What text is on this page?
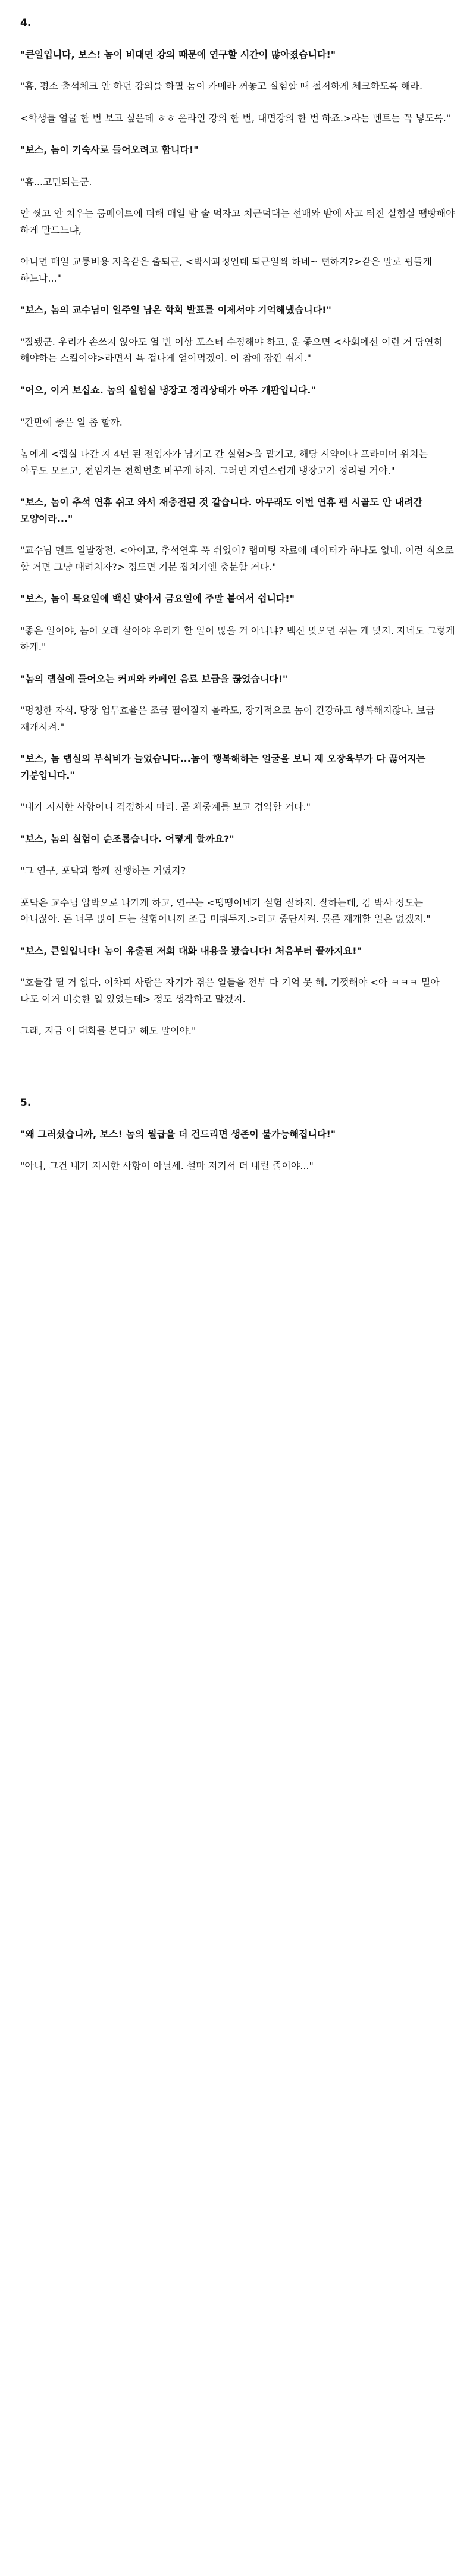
4.

"큰일입니다, 보스! 놈이 비대면 강의 때문에 연구할 시간이 많아졌습니다!"

"흠, 평소 출석체크 안 하던 강의를 하필 놈이 카메라 꺼놓고 실험할 때 철저하게 체크하도록 해라.

<학생들 얼굴 한 번 보고 싶은데 ㅎㅎ 온라인 강의 한 번, 대면강의 한 번 하죠.>라는 멘트는 꼭 넣도록."

"보스, 놈이 기숙사로 들어오려고 합니다!"

"흠...고민되는군.

안 씻고 안 치우는 룸메이트에 더해 매일 밤 술 먹자고 치근덕대는 선배와 밤에 사고 터진 실험실 땜빵해야 하게 만드느냐,

아니면 매일 교통비용 지옥같은 출퇴근, <박사과정인데 퇴근일찍 하네~ 편하지?>같은 말로 핍들게 하느냐..."

"보스, 놈의 교수님이 일주일 남은 학회 발표를 이제서야 기억해냈습니다!"

"잘됐군. 우리가 손쓰지 않아도 열 번 이상 포스터 수정해야 하고, 운 좋으면 <사회에선 이런 거 당연히 해야하는 스킬이야>라면서 욕 겁나게 얻어먹겠어. 이 참에 잠깐 쉬지."

"어으, 이거 보십쇼. 놈의 실험실 냉장고 정리상태가 아주 개판입니다."

"간만에 좋은 일 좀 할까.

놈에게 <랩실 나간 지 4년 된 전임자가 남기고 간 실험>을 맡기고, 해당 시약이나 프라이머 위치는 아무도 모르고, 전임자는 전화번호 바꾸게 하지. 그러면 자연스럽게 냉장고가 정리될 거야."

"보스, 놈이 추석 연휴 쉬고 와서 재충전된 것 같습니다. 아무래도 이번 연휴 팬 시골도 안 내려간 모양이라..."

"교수님 멘트 일발장전. <아이고, 추석연휴 푹 쉬었어? 랩미팅 자료에 데이터가 하나도 없네. 이런 식으로 할 거면 그냥 때려치자?> 정도면 기분 잡치기엔 충분할 거다."

"보스, 놈이 목요일에 백신 맞아서 금요일에 주말 붙여서 쉽니다!"

"좋은 일이야, 놈이 오래 살아야 우리가 할 일이 많을 거 아니냐? 백신 맞으면 쉬는 게 맞지. 자네도 그렇게 하게."

"놈의 랩실에 들어오는 커피와 카페인 음료 보급을 끊었습니다!"

"멍청한 자식. 당장 업무효율은 조금 떨어질지 몰라도, 장기적으로 놈이 건강하고 행복해지잖나. 보급 재개시켜."

"보스, 놈 랩실의 부식비가 늘었습니다...놈이 행복해하는 얼굴을 보니 제 오장육부가 다 끊어지는 기분입니다."

"내가 지시한 사항이니 걱정하지 마라. 곧 체중계를 보고 경악할 거다."

"보스, 놈의 실험이 순조롭습니다. 어떻게 할까요?"

"그 연구, 포닥과 함께 진행하는 거였지?

포닥은 교수님 압박으로 나가게 하고, 연구는 <땡땡이네가 실험 잘하지. 잘하는데, 김 박사 정도는 아니잖아. 돈 너무 많이 드는 실험이니까 조금 미뤄두자.>라고 중단시켜. 물론 재개할 일은 없겠지."

"보스, 큰일입니다! 놈이 유출된 저희 대화 내용을 봤습니다! 처음부터 끝까지요!"

"호들갑 떨 거 없다. 어차피 사람은 자기가 겪은 일들을 전부 다 기억 못 해. 기껏해야 <아 ㅋㅋㅋ 멀아 나도 이거 비슷한 일 있었는데> 정도 생각하고 말겠지.

그래, 지금 이 대화를 본다고 해도 말이야."

5.

"왜 그러셨습니까, 보스! 놈의 월급을 더 건드리면 생존이 불가능해집니다!"

"아니, 그건 내가 지시한 사항이 아닐세. 설마 저기서 더 내릴 줄이야..."
